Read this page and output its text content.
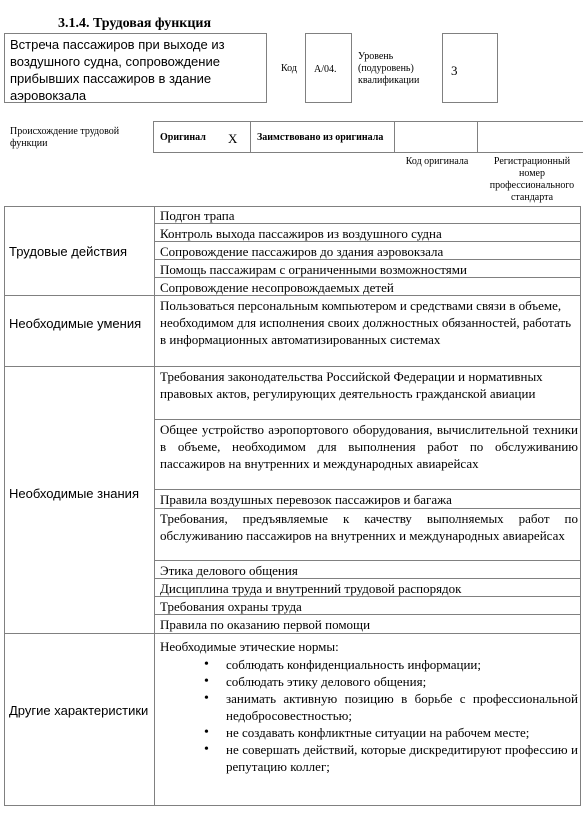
3.1.4. Трудовая функция
Встреча пассажиров при выходе из воздушного судна, сопровождение прибывших пассажиров в здание аэровокзала
Код A/04.
Уровень (подуровень) квалификации
3
Происхождение трудовой функции
Оригинал X Заимствовано из оригинала
Код оригинала	Регистрационный номер профессионального стандарта
Трудовые действия
Подгон трапа
Контроль выхода пассажиров из воздушного судна
Сопровождение пассажиров до здания аэровокзала
Помощь пассажирам с ограниченными возможностями
Сопровождение несопровождаемых детей
Необходимые умения
Пользоваться персональным компьютером и средствами связи в объеме, необходимом для исполнения своих должностных обязанностей, работать в информационных автоматизированных системах
Необходимые знания
Требования законодательства Российской Федерации и нормативных правовых актов, регулирующих деятельность гражданской авиации
Общее устройство аэропортового оборудования, вычислительной техники в объеме, необходимом для выполнения работ по обслуживанию пассажиров на внутренних и международных авиарейсах
Правила воздушных перевозок пассажиров и багажа
Требования, предъявляемые к качеству выполняемых работ по обслуживанию пассажиров на внутренних и международных авиарейсах
Этика делового общения
Дисциплина труда и внутренний трудовой распорядок
Требования охраны труда
Правила по оказанию первой помощи
Другие характеристики
Необходимые этические нормы:
• соблюдать конфиденциальность информации;
• соблюдать этику делового общения;
• занимать активную позицию в борьбе с профессиональной недобросовестностью;
• не создавать конфликтные ситуации на рабочем месте;
• не совершать действий, которые дискредитируют профессию и репутацию коллег;
